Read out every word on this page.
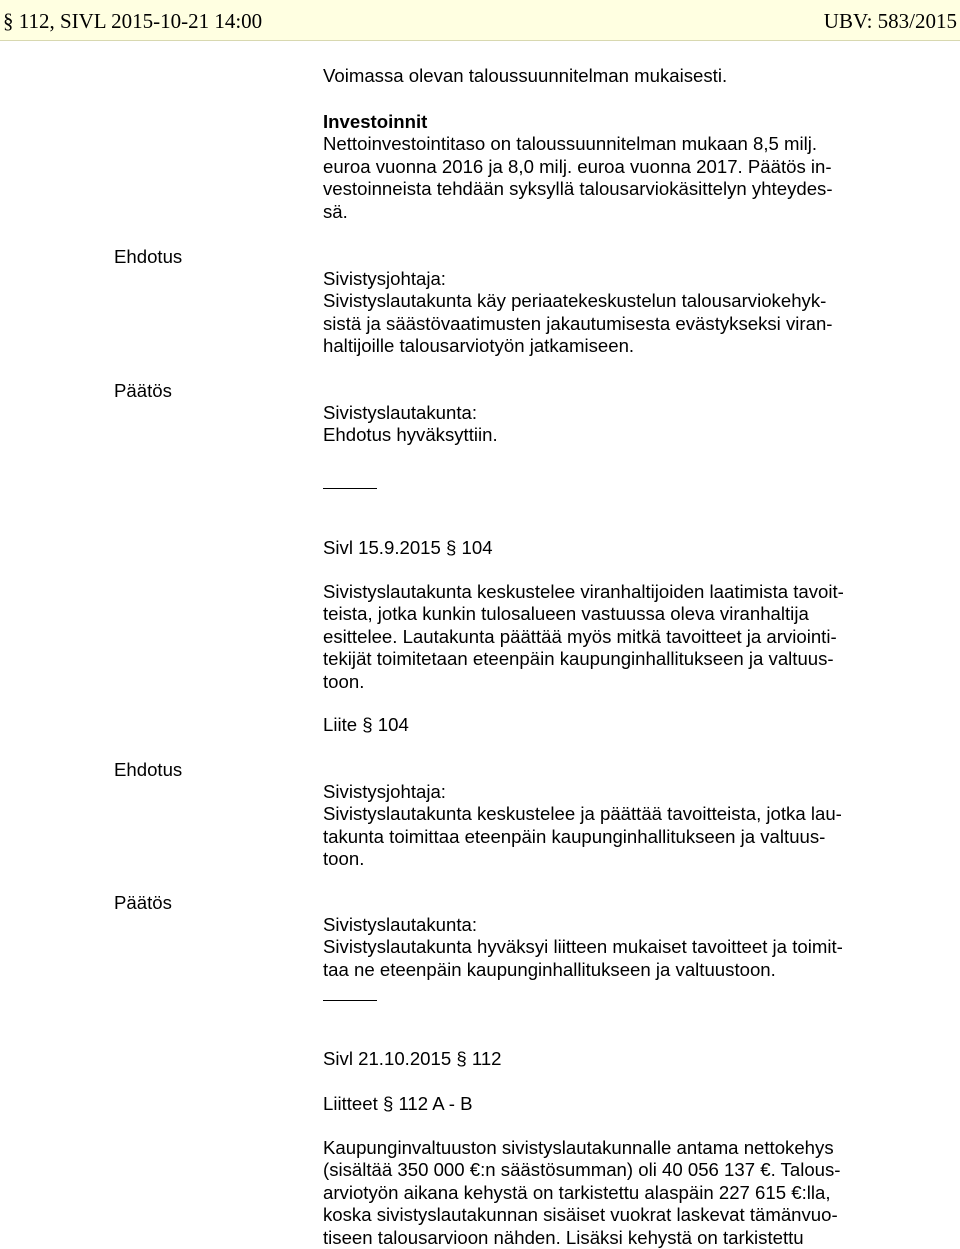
§ 112, SIVL 2015-10-21 14:00	UBV: 583/2015
Voimassa olevan taloussuunnitelman mukaisesti.
Investoinnit
Nettoinvestointitaso on taloussuunnitelman mukaan 8,5 milj.
euroa vuonna 2016 ja 8,0 milj. euroa vuonna 2017. Päätös in-
vestoinneista tehdään syksyllä talousarviokäsittelyn yhteydes-
sä.
Ehdotus
Sivistysjohtaja:
Sivistyslautakunta käy periaatekeskustelun talousarviokehyk-
sistä ja säästövaatimusten jakautumisesta evästykseksi viran-
haltijoille talousarviotyön jatkamiseen.
Päätös
Sivistyslautakunta:
Ehdotus hyväksyttiin.
Sivl 15.9.2015 § 104
Sivistyslautakunta keskustelee viranhaltijoiden laatimista tavoit-
teista, jotka kunkin tulosalueen vastuussa oleva viranhaltija
esittelee. Lautakunta päättää myös mitkä tavoitteet ja arviointi-
tekijät toimitetaan eteenpäin kaupunginhallitukseen ja valtuus-
toon.
Liite § 104
Ehdotus
Sivistysjohtaja:
Sivistyslautakunta keskustelee ja päättää tavoitteista, jotka lau-
takunta toimittaa eteenpäin kaupunginhallitukseen ja valtuus-
toon.
Päätös
Sivistyslautakunta:
Sivistyslautakunta hyväksyi liitteen mukaiset tavoitteet ja toimit-
taa ne eteenpäin kaupunginhallitukseen ja valtuustoon.
Sivl 21.10.2015 § 112
Liitteet § 112 A - B
Kaupunginvaltuuston sivistyslautakunnalle antama nettokehys
(sisältää 350 000 €:n säästösumman) oli 40 056 137 €. Talous-
arviotyön aikana kehystä on tarkistettu alaspäin 227 615 €:lla,
koska sivistyslautakunnan sisäiset vuokrat laskevat tämänvuo-
tiseen talousarvioon nähden. Lisäksi kehystä on tarkistettu
